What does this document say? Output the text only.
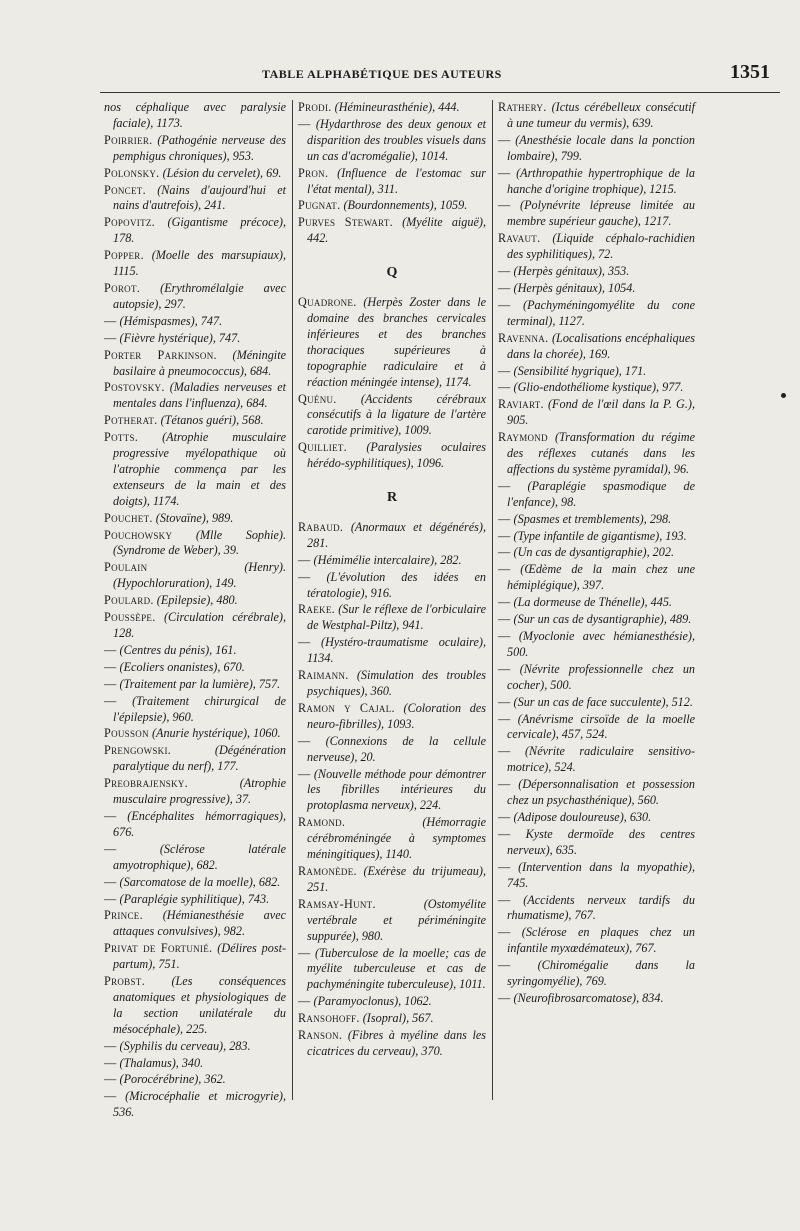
TABLE ALPHABÉTIQUE DES AUTEURS	1351
nos céphalique avec paralysie faciale), 1173.
Poirrier. (Pathogénie nerveuse des pemphigus chroniques), 953.
Polonsky. (Lésion du cervelet), 69.
Poncet. (Nains d'aujourd'hui et nains d'autrefois), 241.
Popovitz. (Gigantisme précoce), 178.
Popper. (Moelle des marsupiaux), 1115.
Porot. (Erythromélalgie avec autopsie), 297.
— (Hémispasmes), 747.
— (Fièvre hystérique), 747.
Porter Parkinson. (Méningite basilaire à pneumococcus), 684.
Postovsky. (Maladies nerveuses et mentales dans l'influenza), 684.
Potherat. (Tétanos guéri), 568.
Potts. (Atrophie musculaire progressive myélopathique où l'atrophie commença par les extenseurs de la main et des doigts), 1174.
Pouchet. (Stovaïne), 989.
Pouchowsky (Mlle Sophie). (Syndrome de Weber), 39.
Poulain	(Henry). (Hypochloruration), 149.
Poulard. (Epilepsie), 480.
Poussèpe. (Circulation cérébrale), 128.
— (Centres du pénis), 161.
— (Ecoliers onanistes), 670.
— (Traitement par la lumière), 757.
— (Traitement chirurgical de l'épilepsie), 960.
Pousson (Anurie hystérique), 1060.
Prengowski.	(Dégénération paralytique du nerf), 177.
Preobrajensky.	(Atrophie musculaire progressive), 37.
— (Encéphalites hémorragiques), 676.
—	(Sclérose latérale amyotrophique), 682.
— (Sarcomatose de la moelle), 682.
— (Paraplégie syphilitique), 743.
Prince. (Hémianesthésie avec attaques convulsives), 982.
Privat de Fortunié. (Délires post-partum), 751.
Probst. (Les conséquences anatomiques et physiologiques de la section unilatérale du mésocéphale), 225.
— (Syphilis du cerveau), 283.
— (Thalamus), 340.
— (Porocérébrine), 362.
— (Microcéphalie et microgyrie), 536.
Prodi. (Hémineurasthénie), 444.
— (Hydarthrose des deux genoux et disparition des troubles visuels dans un cas d'acromégalie), 1014.
Pron. (Influence de l'estomac sur l'état mental), 311.
Pugnat. (Bourdonnements), 1059.
Purves Stewart. (Myélite aiguë), 442.
Q
Quadrone. (Herpès Zoster dans le domaine des branches cervicales inférieures et des branches thoraciques supérieures à topographie radiculaire et à réaction méningée intense), 1174.
Quénu. (Accidents cérébraux consécutifs à la ligature de l'artère carotide primitive), 1009.
Quilliet. (Paralysies oculaires hérédo-syphilitiques), 1096.
R
Rabaud. (Anormaux et dégénérés), 281.
— (Hémimélie intercalaire), 282.
— (L'évolution des idées en tératologie), 916.
Raeke. (Sur le réflexe de l'orbiculaire de Westphal-Piltz), 941.
— (Hystéro-traumatisme oculaire), 1134.
Raimann. (Simulation des troubles psychiques), 360.
Ramon y Cajal. (Coloration des neuro-fibrilles), 1093.
— (Connexions de la cellule nerveuse), 20.
— (Nouvelle méthode pour démontrer les fibrilles intérieures du protoplasma nerveux), 224.
Ramond.	(Hémorragie cérébroméningée à symptomes méningitiques), 1140.
Ramonède. (Exérèse du trijumeau), 251.
Ramsay-Hunt.	(Ostomyélite vertébrale et périméningite suppurée), 980.
— (Tuberculose de la moelle; cas de myélite tuberculeuse et cas de pachyméningite tuberculeuse), 1011.
— (Paramyoclonus), 1062.
Ransohoff. (Isopral), 567.
Ranson. (Fibres à myéline dans les cicatrices du cerveau), 370.
Rathery. (Ictus cérébelleux consécutif à une tumeur du vermis), 639.
— (Anesthésie locale dans la ponction lombaire), 799.
— (Arthropathie hypertrophique de la hanche d'origine trophique), 1215.
— (Polynévrite lépreuse limitée au membre supérieur gauche), 1217.
Ravaut. (Liquide céphalo-rachidien des syphilitiques), 72.
— (Herpès génitaux), 353.
— (Herpès génitaux), 1054.
— (Pachyméningomyélite du cone terminal), 1127.
Ravenna. (Localisations encéphaliques dans la chorée), 169.
— (Sensibilité hygrique), 171.
— (Glio-endothéliome kystique), 977.
Raviart. (Fond de l'œil dans la P. G.), 905.
Raymond (Transformation du régime des réflexes cutanés dans les affections du système pyramidal), 96.
— (Paraplégie spasmodique de l'enfance), 98.
— (Spasmes et tremblements), 298.
— (Type infantile de gigantisme), 193.
— (Un cas de dysantigraphie), 202.
— (Œdème de la main chez une hémiplégique), 397.
— (La dormeuse de Thénelle), 445.
— (Sur un cas de dysantigraphie), 489.
— (Myoclonie avec hémianesthésie), 500.
— (Névrite professionnelle chez un cocher), 500.
— (Sur un cas de face succulente), 512.
— (Anévrisme cirsoïde de la moelle cervicale), 457, 524.
— (Névrite radiculaire sensitivo-motrice), 524.
— (Dépersonnalisation et possession chez un psychasthénique), 560.
— (Adipose douloureuse), 630.
— Kyste dermoïde des centres nerveux), 635.
— (Intervention dans la myopathie), 745.
— (Accidents nerveux tardifs du rhumatisme), 767.
— (Sclérose en plaques chez un infantile myxœdémateux), 767.
— (Chiromégalie dans la syringomyélie), 769.
— (Neurofibrosarcomatose), 834.
